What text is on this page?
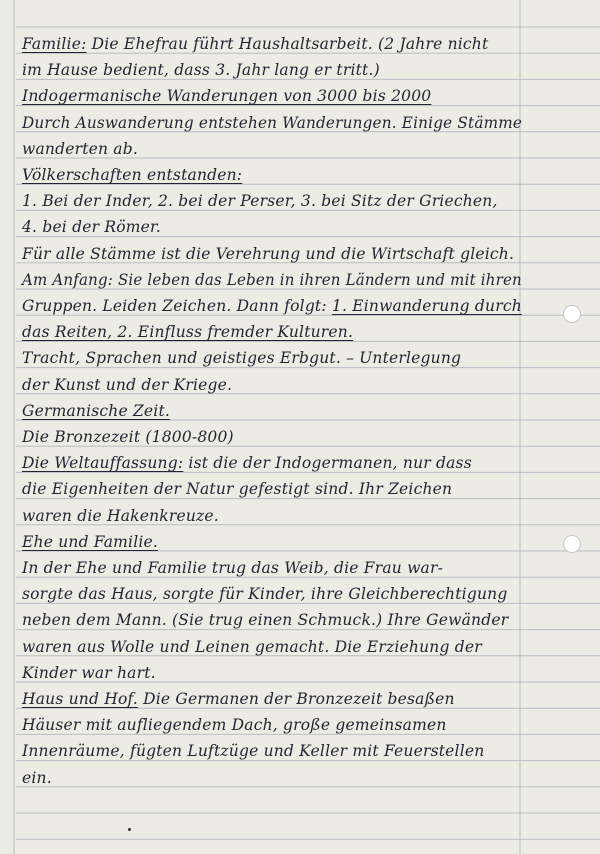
Familie: Die Ehefrau führt Haushaltsarbeit. (2 Jahre nicht
im Hause bedient, dass 3. Jahr lang er tritt.)
Indogermanische Wanderungen von 3000 bis 2000
Durch Auswanderung entstehen Wanderungen. Einige Stämme
wanderten ab.
Völkerschaften entstanden:
1. Bei der Inder, 2. bei der Perser, 3. bei Sitz der Griechen,
4. bei der Römer.
Für alle Stämme ist die Verehrung und die Wirtschaft gleich.
Am Anfang: Sie leben das Leben in ihren Ländern und mit ihren
Gruppen. Leiden Zeichen. Dann folgt: 1. Einwanderung durch
das Reiten, 2. Einfluss fremder Kulturen.
Tracht, Sprachen und geistiges Erbgut. – Unterlegung
der Kunst und der Kriege.
Germanische Zeit.
Die Bronzezeit (1800-800)
Die Weltauffassung: ist die der Indogermanen, nur dass
die Eigenheiten der Natur gefestigt sind. Ihr Zeichen
waren die Hakenkreuze.
Ehe und Familie.
In der Ehe und Familie trug das Weib, die Frau war-
sorgte das Haus, sorgte für Kinder, ihre Gleichberechtigung
neben dem Mann. (Sie trug einen Schmuck.) Ihre Gewänder
waren aus Wolle und Leinen gemacht. Die Erziehung der
Kinder war hart.
Haus und Hof. Die Germanen der Bronzezeit besaßen
Häuser mit aufliegendem Dach, große gemeinsamen
Innenräume, fügten Luftzüge und Keller mit Feuerstellen
ein.
